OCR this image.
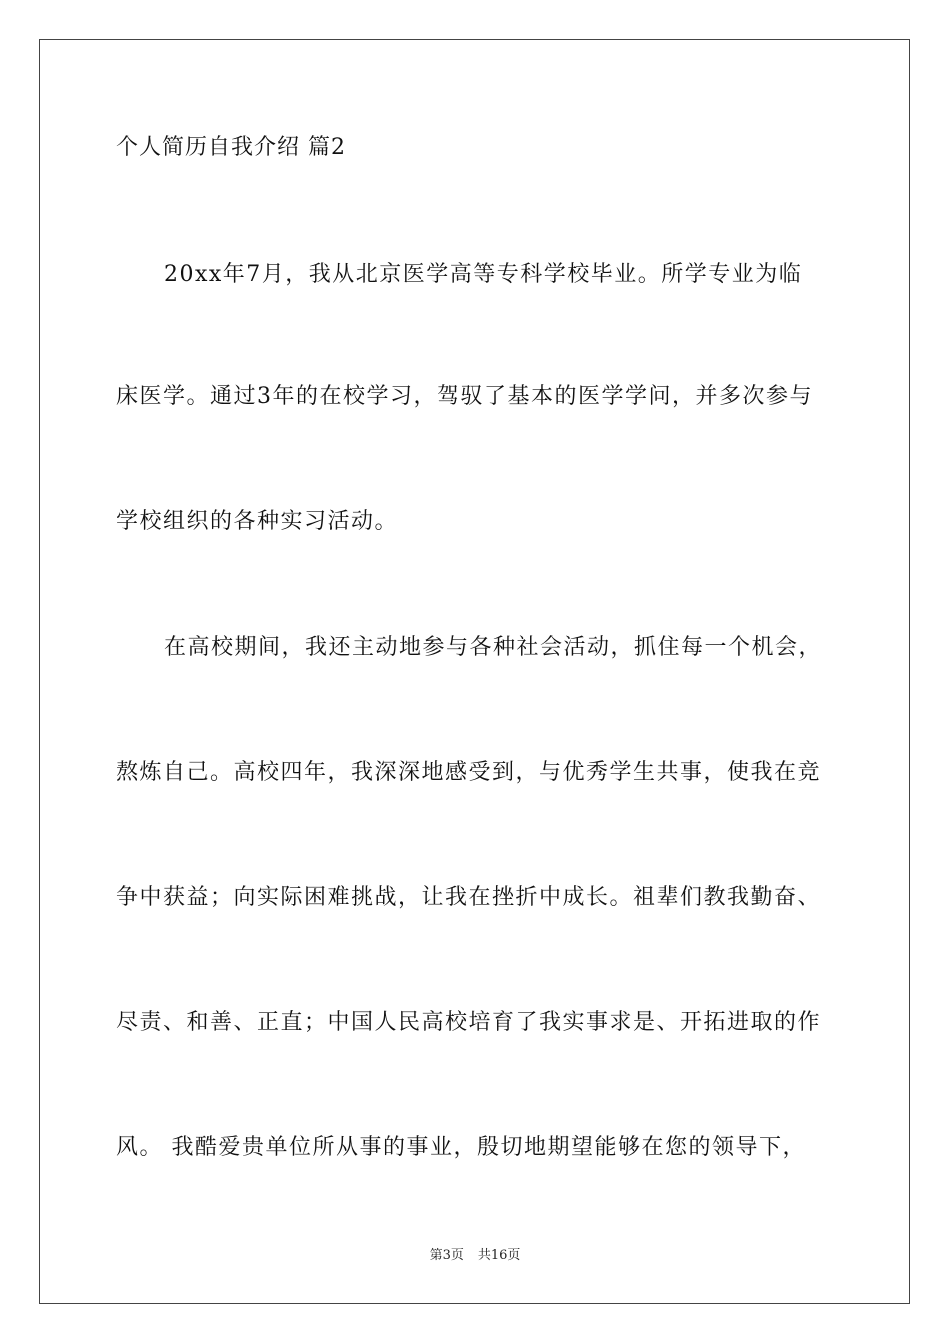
个人简历自我介绍 篇2
20xx年7月，我从北京医学高等专科学校毕业。所学专业为临
床医学。通过3年的在校学习，驾驭了基本的医学学问，并多次参与
学校组织的各种实习活动。
在高校期间，我还主动地参与各种社会活动，抓住每一个机会，
熬炼自己。高校四年，我深深地感受到，与优秀学生共事，使我在竞
争中获益；向实际困难挑战，让我在挫折中成长。祖辈们教我勤奋、
尽责、和善、正直；中国人民高校培育了我实事求是、开拓进取的作
风。 我酷爱贵单位所从事的事业，殷切地期望能够在您的领导下，
第3页 共16页
